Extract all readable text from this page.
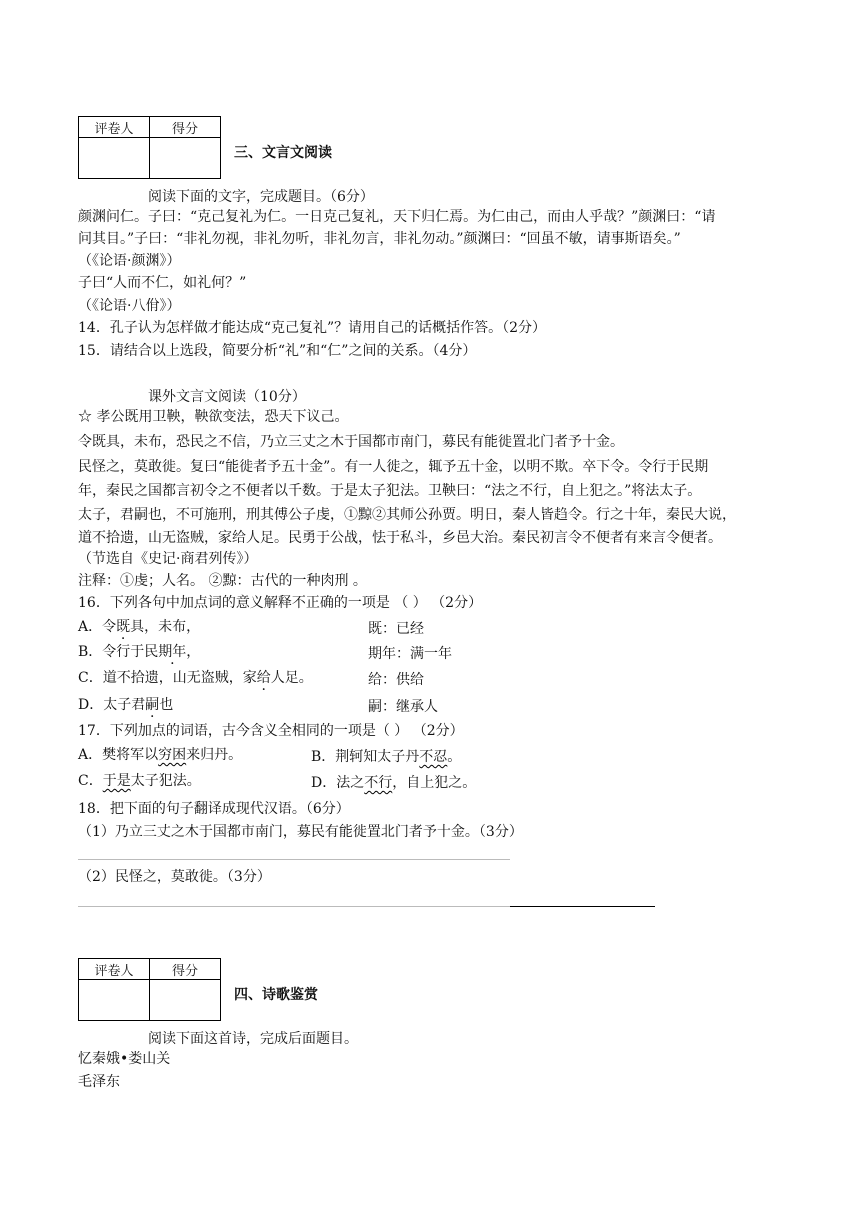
评卷人	得分

三、文言文阅读
阅读下面的文字，完成题目。（6分）
颜渊问仁。子曰：“克己复礼为仁。一日克己复礼，天下归仁焉。为仁由己，而由人乎哉？”颜渊曰：“请
问其目。”子曰：“非礼勿视，非礼勿听，非礼勿言，非礼勿动。”颜渊曰：“回虽不敏，请事斯语矣。”
（《论语·颜渊》）
子曰“人而不仁，如礼何？”
（《论语·八佾》）
14．孔子认为怎样做才能达成“克己复礼”？请用自己的话概括作答。（2分）
15．请结合以上选段，简要分析“礼”和“仁”之间的关系。（4分）
课外文言文阅读（10分）
☆ 孝公既用卫鞅，鞅欲变法，恐天下议己。
令既具，未布，恐民之不信，乃立三丈之木于国都市南门，募民有能徙置北门者予十金。
民怪之，莫敢徙。复曰“能徙者予五十金”。有一人徙之，辄予五十金，以明不欺。卒下令。令行于民期
年，秦民之国都言初令之不便者以千数。于是太子犯法。卫鞅曰：“法之不行，自上犯之。”将法太子。
太子，君嗣也，不可施刑，刑其傅公子虔，①黥②其师公孙贾。明日，秦人皆趋令。行之十年，秦民大说，
道不拾遗，山无盗贼，家给人足。民勇于公战，怯于私斗，乡邑大治。秦民初言令不便者有来言令便者。
（节选自《史记·商君列传》）
注释：①虔；人名。 ②黥：古代的一种肉刑 。
16．下列各句中加点词的意义解释不正确的一项是 （ ） （2分）
A．令既具，未布，	既：已经
B．令行于民期年，	期年：满一年
C．道不拾遗，山无盗贼，家给人足。	给：供给
D．太子君嗣也	嗣：继承人
17．下列加点的词语，古今含义全相同的一项是（ ） （2分）
A．樊将军以穷困来归丹。	B．荆轲知太子丹不忍。
C．于是太子犯法。	D．法之不行，自上犯之。
18．把下面的句子翻译成现代汉语。（6分）
（1）乃立三丈之木于国都市南门，募民有能徙置北门者予十金。（3分）
（2）民怪之，莫敢徙。（3分）
评卷人	得分

四、诗歌鉴赏
阅读下面这首诗，完成后面题目。
忆秦娥•娄山关
毛泽东
